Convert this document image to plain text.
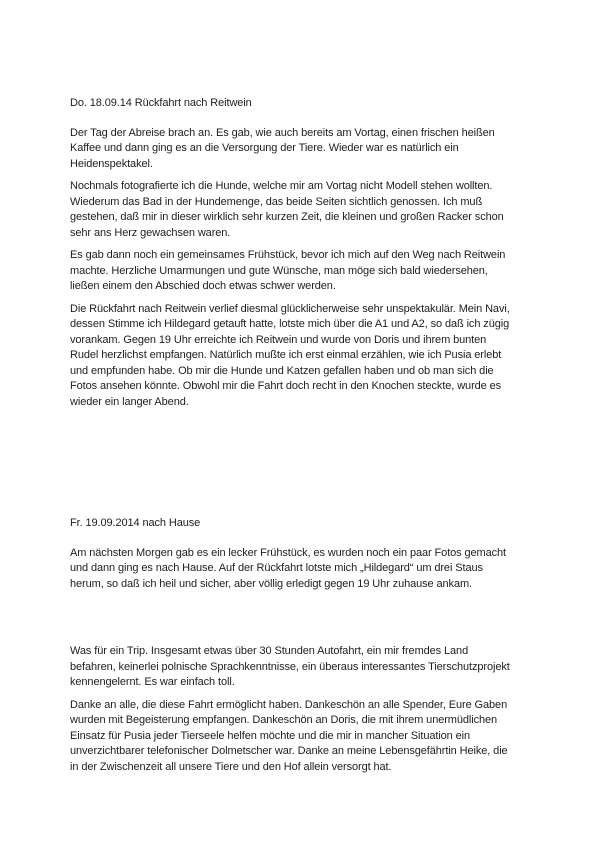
Do. 18.09.14 Rückfahrt nach Reitwein

Der Tag der Abreise brach an. Es gab, wie auch bereits am Vortag, einen frischen heißen
Kaffee und dann ging es an die Versorgung der Tiere. Wieder war es natürlich ein
Heidenspektakel.

Nochmals fotografierte ich die Hunde, welche mir am Vortag nicht Modell stehen wollten.
Wiederum das Bad in der Hundemenge, das beide Seiten sichtlich genossen. Ich muß
gestehen, daß mir in dieser wirklich sehr kurzen Zeit, die kleinen und großen Racker schon
sehr ans Herz gewachsen waren.

Es gab dann noch ein gemeinsames Frühstück, bevor ich mich auf den Weg nach Reitwein
machte. Herzliche Umarmungen und gute Wünsche, man möge sich bald wiedersehen,
ließen einem den Abschied doch etwas schwer werden.

Die Rückfahrt nach Reitwein verlief diesmal glücklicherweise sehr unspektakulär. Mein Navi,
dessen Stimme ich Hildegard getauft hatte, lotste mich über die A1 und A2, so daß ich zügig
vorankam. Gegen 19 Uhr erreichte ich Reitwein und wurde von Doris und ihrem bunten
Rudel herzlichst empfangen. Natürlich mußte ich erst einmal erzählen, wie ich Pusia erlebt
und empfunden habe. Ob mir die Hunde und Katzen gefallen haben und ob man sich die
Fotos ansehen könnte. Obwohl mir die Fahrt doch recht in den Knochen steckte, wurde es
wieder ein langer Abend.

Fr. 19.09.2014 nach Hause

Am nächsten Morgen gab es ein lecker Frühstück, es wurden noch ein paar Fotos gemacht
und dann ging es nach Hause. Auf der Rückfahrt lotste mich „Hildegard“ um drei Staus
herum, so daß ich heil und sicher, aber völlig erledigt gegen 19 Uhr zuhause ankam.

Was für ein Trip. Insgesamt etwas über 30 Stunden Autofahrt, ein mir fremdes Land
befahren, keinerlei polnische Sprachkenntnisse, ein überaus interessantes Tierschutzprojekt
kennengelernt. Es war einfach toll.

Danke an alle, die diese Fahrt ermöglicht haben. Dankeschön an alle Spender, Eure Gaben
wurden mit Begeisterung empfangen. Dankeschön an Doris, die mit ihrem unermüdlichen
Einsatz für Pusia jeder Tierseele helfen möchte und die mir in mancher Situation ein
unverzichtbarer telefonischer Dolmetscher war. Danke an meine Lebensgefährtin Heike, die
in der Zwischenzeit all unsere Tiere und den Hof allein versorgt hat.
